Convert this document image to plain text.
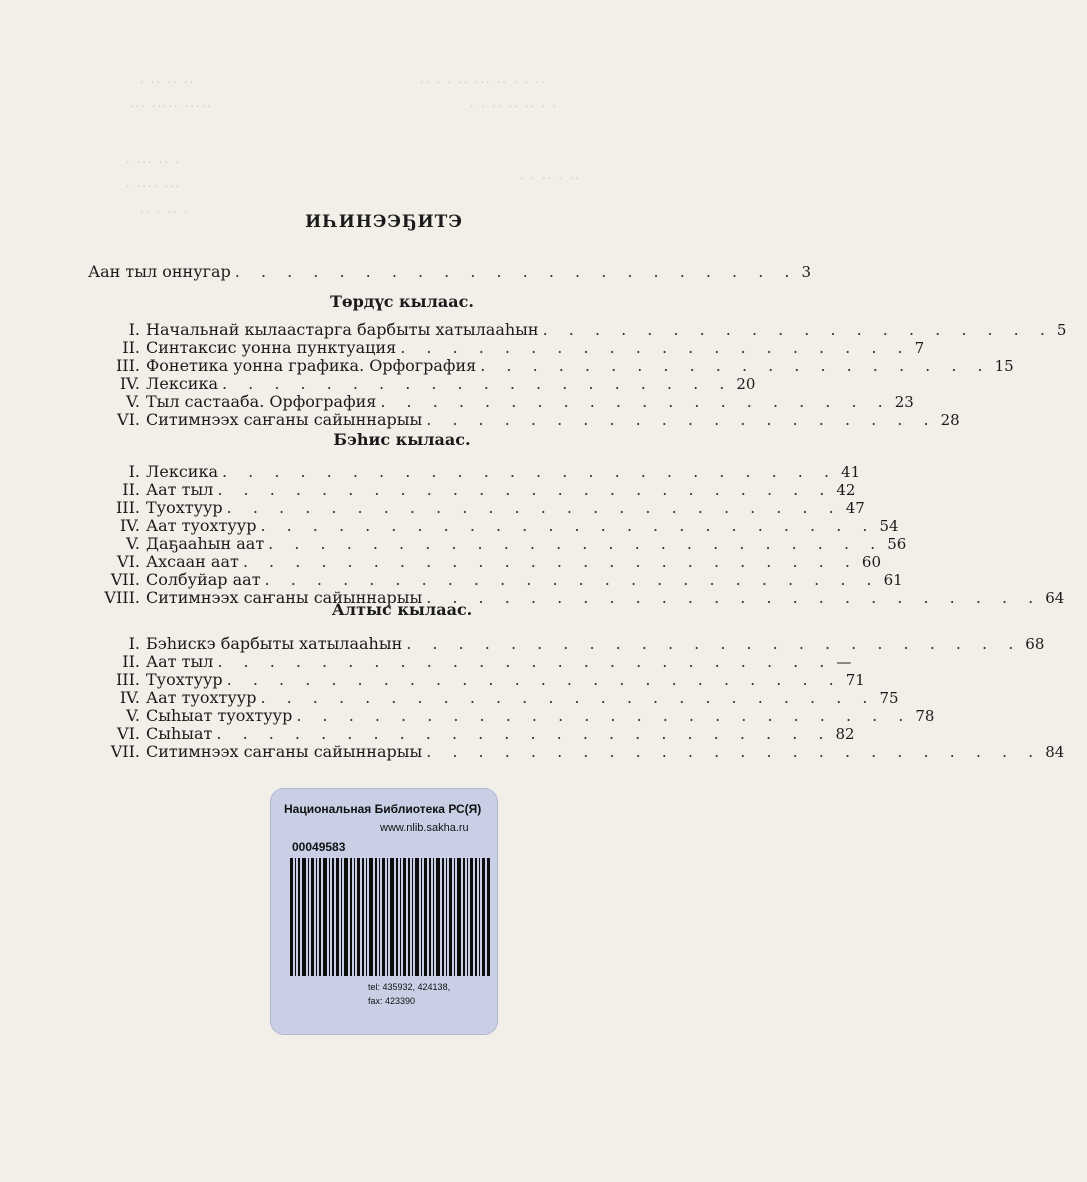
· ·· ·· ··
··· ····· ·····
· ··· ·· ·
· ···· ···
·· · ·· ·
·· · · ·· ··· ·· · · ··
· · ·· ·· ·· · ·
· · ·· · ··
ИҺИНЭЭҔИТЭ
Аан тыл оннугар . . . . . . . . . . . . . . . . . . . . . . 3
Төрдүс кылаас.
I. Начальнай кылаастарга барбыты хатылааһын . . . . . . . . . . . . . . . . . . . . 5
II. Синтаксис уонна пунктуация . . . . . . . . . . . . . . . . . . . . 7
III. Фонетика уонна графика. Орфография . . . . . . . . . . . . . . . . . . . . 15
IV. Лексика . . . . . . . . . . . . . . . . . . . . 20
V. Тыл састааба. Орфография . . . . . . . . . . . . . . . . . . . . 23
VI. Ситимнээх саҥаны сайыннарыы . . . . . . . . . . . . . . . . . . . . 28
Бэһис кылаас.
I. Лексика . . . . . . . . . . . . . . . . . . . . . . . . 41
II. Аат тыл . . . . . . . . . . . . . . . . . . . . . . . . 42
III. Туохтуур . . . . . . . . . . . . . . . . . . . . . . . . 47
IV. Аат туохтуур . . . . . . . . . . . . . . . . . . . . . . . . 54
V. Даҕааһын аат . . . . . . . . . . . . . . . . . . . . . . . . 56
VI. Ахсаан аат . . . . . . . . . . . . . . . . . . . . . . . . 60
VII. Солбуйар аат . . . . . . . . . . . . . . . . . . . . . . . . 61
VIII. Ситимнээх саҥаны сайыннарыы . . . . . . . . . . . . . . . . . . . . . . . . 64
Алтыс кылаас.
I. Бэһискэ барбыты хатылааһын . . . . . . . . . . . . . . . . . . . . . . . . 68
II. Аат тыл . . . . . . . . . . . . . . . . . . . . . . . . —
III. Туохтуур . . . . . . . . . . . . . . . . . . . . . . . . 71
IV. Аат туохтуур . . . . . . . . . . . . . . . . . . . . . . . . 75
V. Сыһыат туохтуур . . . . . . . . . . . . . . . . . . . . . . . . 78
VI. Сыһыат . . . . . . . . . . . . . . . . . . . . . . . . 82
VII. Ситимнээх саҥаны сайыннарыы . . . . . . . . . . . . . . . . . . . . . . . . 84
Национальная Библиотека РС(Я)
www.nlib.sakha.ru
00049583
tel: 435932, 424138,
fax: 423390
